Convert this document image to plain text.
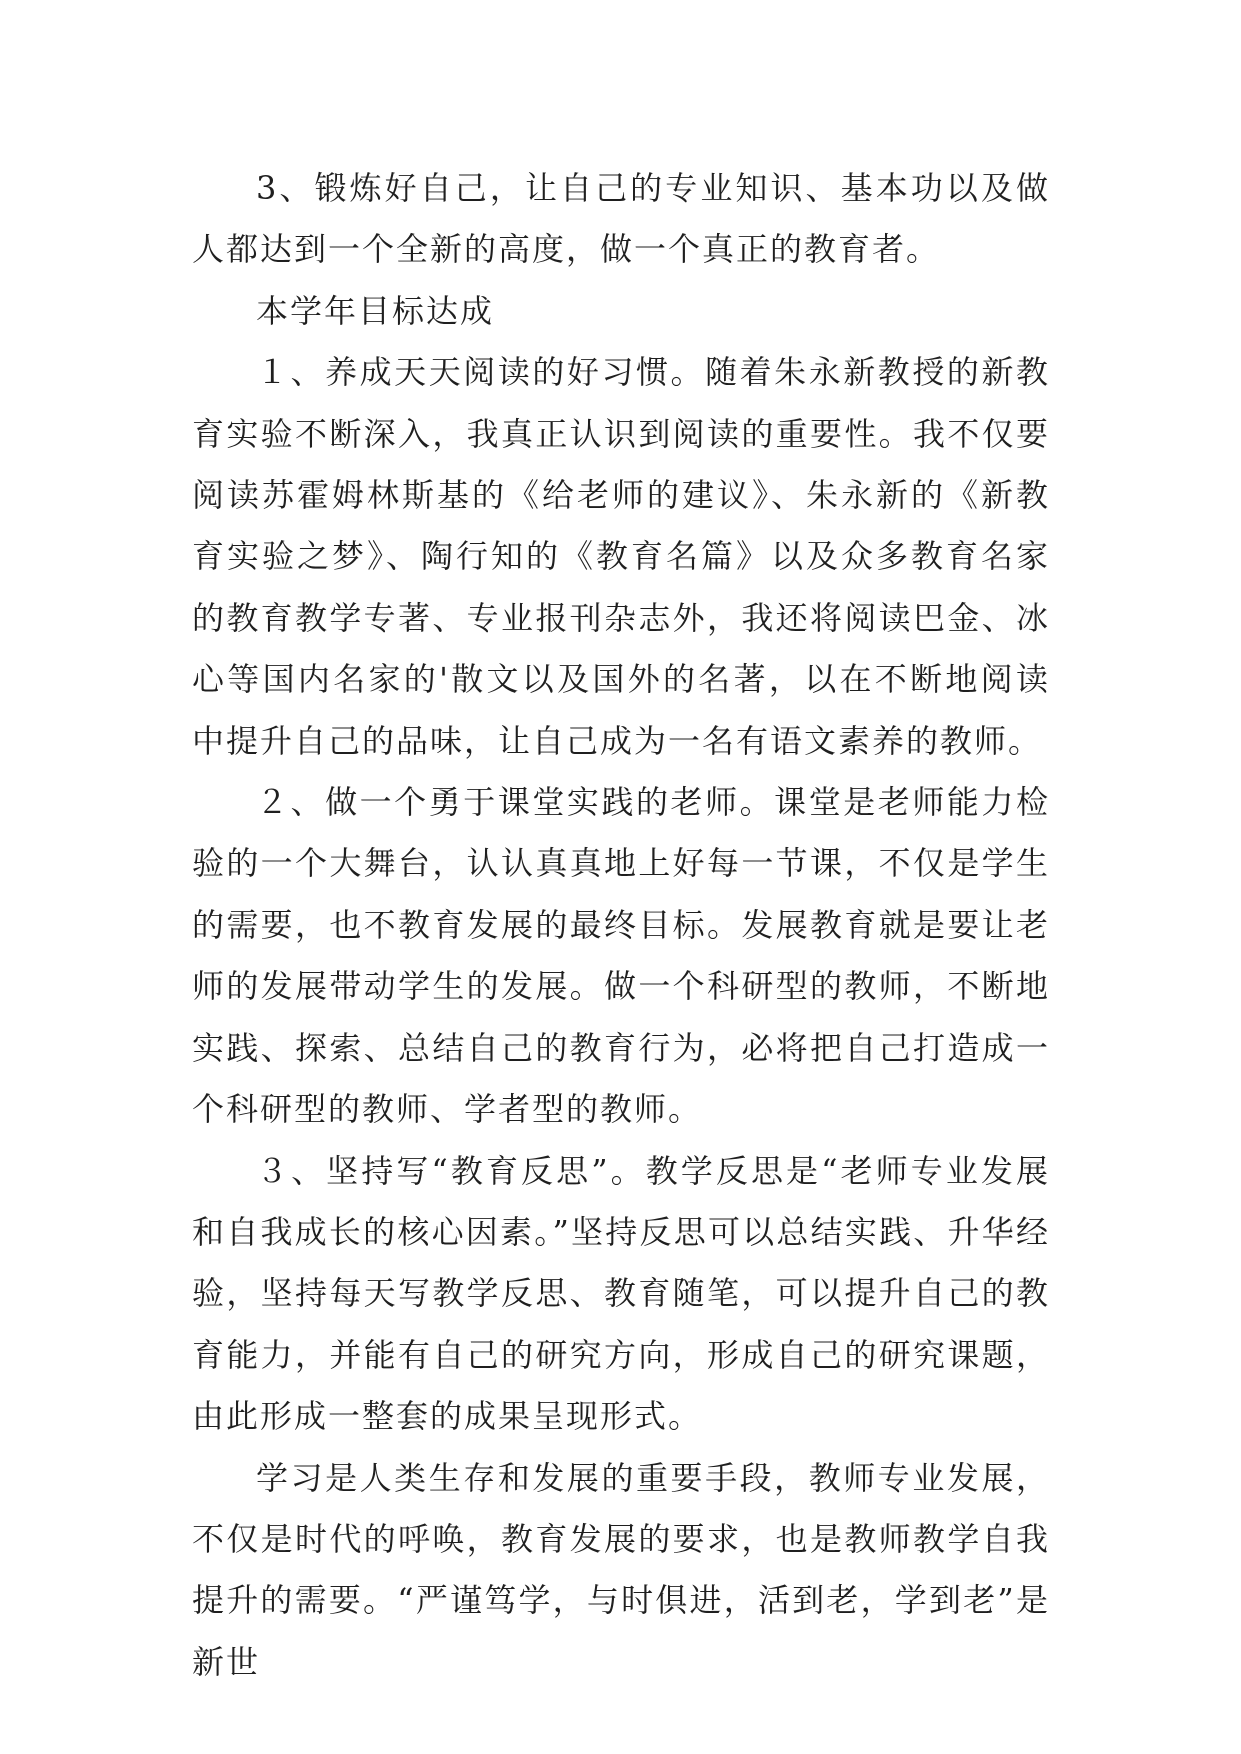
3、锻炼好自己，让自己的专业知识、基本功以及做人都达到一个全新的高度，做一个真正的教育者。

本学年目标达成

１、养成天天阅读的好习惯。随着朱永新教授的新教育实验不断深入，我真正认识到阅读的重要性。我不仅要阅读苏霍姆林斯基的《给老师的建议》、朱永新的《新教育实验之梦》、陶行知的《教育名篇》以及众多教育名家的教育教学专著、专业报刊杂志外，我还将阅读巴金、冰心等国内名家的'散文以及国外的名著，以在不断地阅读中提升自己的品味，让自己成为一名有语文素养的教师。

２、做一个勇于课堂实践的老师。课堂是老师能力检验的一个大舞台，认认真真地上好每一节课，不仅是学生的需要，也不教育发展的最终目标。发展教育就是要让老师的发展带动学生的发展。做一个科研型的教师，不断地实践、探索、总结自己的教育行为，必将把自己打造成一个科研型的教师、学者型的教师。

３、坚持写“教育反思”。教学反思是“老师专业发展和自我成长的核心因素。”坚持反思可以总结实践、升华经验，坚持每天写教学反思、教育随笔，可以提升自己的教育能力，并能有自己的研究方向，形成自己的研究课题，由此形成一整套的成果呈现形式。

学习是人类生存和发展的重要手段，教师专业发展，不仅是时代的呼唤，教育发展的要求，也是教师教学自我提升的需要。“严谨笃学，与时俱进，活到老，学到老”是新世
